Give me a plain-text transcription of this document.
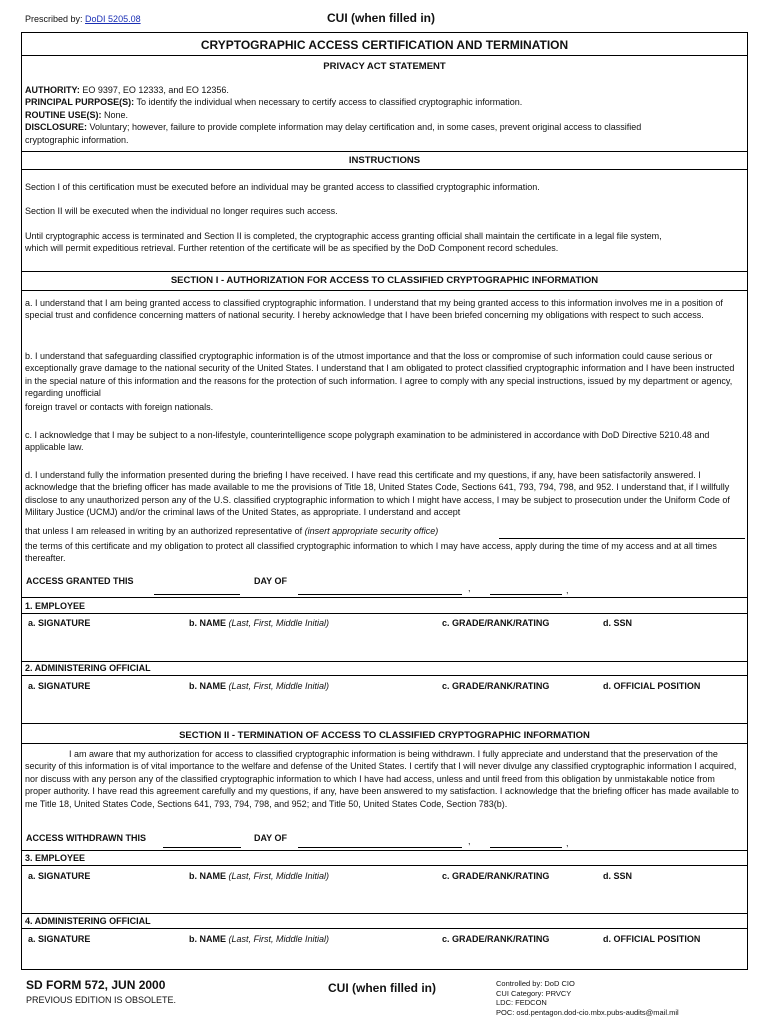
Prescribed by: DoDI 5205.08	CUI (when filled in)
CRYPTOGRAPHIC ACCESS CERTIFICATION AND TERMINATION
PRIVACY ACT STATEMENT
AUTHORITY: EO 9397, EO 12333, and EO 12356.
PRINCIPAL PURPOSE(S): To identify the individual when necessary to certify access to classified cryptographic information.
ROUTINE USE(S): None.
DISCLOSURE: Voluntary; however, failure to provide complete information may delay certification and, in some cases, prevent original access to classified cryptographic information.
INSTRUCTIONS
Section I of this certification must be executed before an individual may be granted access to classified cryptographic information.
Section II will be executed when the individual no longer requires such access.
Until cryptographic access is terminated and Section II is completed, the cryptographic access granting official shall maintain the certificate in a legal file system, which will permit expeditious retrieval. Further retention of the certificate will be as specified by the DoD Component record schedules.
SECTION I - AUTHORIZATION FOR ACCESS TO CLASSIFIED CRYPTOGRAPHIC INFORMATION
a. I understand that I am being granted access to classified cryptographic information. I understand that my being granted access to this information involves me in a position of special trust and confidence concerning matters of national security. I hereby acknowledge that I have been briefed concerning my obligations with respect to such access.
b. I understand that safeguarding classified cryptographic information is of the utmost importance and that the loss or compromise of such information could cause serious or exceptionally grave damage to the national security of the United States. I understand that I am obligated to protect classified cryptographic information and I have been instructed in the special nature of this information and the reasons for the protection of such information. I agree to comply with any special instructions, issued by my department or agency, regarding unofficial
foreign travel or contacts with foreign nationals.
c. I acknowledge that I may be subject to a non-lifestyle, counterintelligence scope polygraph examination to be administered in accordance with DoD Directive 5210.48 and applicable law.
d. I understand fully the information presented during the briefing I have received. I have read this certificate and my questions, if any, have been satisfactorily answered. I acknowledge that the briefing officer has made available to me the provisions of Title 18, United States Code, Sections 641, 793, 794, 798, and 952. I understand that, if I willfully disclose to any unauthorized person any of the U.S. classified cryptographic information to which I might have access, I may be subject to prosecution under the Uniform Code of Military Justice (UCMJ) and/or the criminal laws of the United States, as appropriate. I understand and accept
that unless I am released in writing by an authorized representative of (insert appropriate security office)
the terms of this certificate and my obligation to protect all classified cryptographic information to which I may have access, apply during the time of my access and at all times thereafter.
ACCESS GRANTED THIS	DAY OF
,	,
1. EMPLOYEE
a. SIGNATURE	b. NAME (Last, First, Middle Initial)	c. GRADE/RANK/RATING	d. SSN
2. ADMINISTERING OFFICIAL
a. SIGNATURE	b. NAME (Last, First, Middle Initial)	c. GRADE/RANK/RATING	d. OFFICIAL POSITION
SECTION II - TERMINATION OF ACCESS TO CLASSIFIED CRYPTOGRAPHIC INFORMATION
I am aware that my authorization for access to classified cryptographic information is being withdrawn. I fully appreciate and understand that the preservation of the security of this information is of vital importance to the welfare and defense of the United States. I certify that I will never divulge any classified cryptographic information I acquired, nor discuss with any person any of the classified cryptographic information to which I have had access, unless and until freed from this obligation by unmistakable notice from proper authority. I have read this agreement carefully and my questions, if any, have been answered to my satisfaction. I acknowledge that the briefing officer has made available to me Title 18, United States Code, Sections 641, 793, 794, 798, and 952; and Title 50, United States Code, Section 783(b).
ACCESS WITHDRAWN THIS	DAY OF	,	,
3. EMPLOYEE
a. SIGNATURE	b. NAME (Last, First, Middle Initial)	c. GRADE/RANK/RATING	d. SSN
4. ADMINISTERING OFFICIAL
a. SIGNATURE	b. NAME (Last, First, Middle Initial)	c. GRADE/RANK/RATING	d. OFFICIAL POSITION
SD FORM 572, JUN 2000
PREVIOUS EDITION IS OBSOLETE.
CUI (when filled in)	Controlled by: DoD CIO
CUI Category: PRVCY
LDC: FEDCON
POC: osd.pentagon.dod-cio.mbx.pubs-audits@mail.mil
